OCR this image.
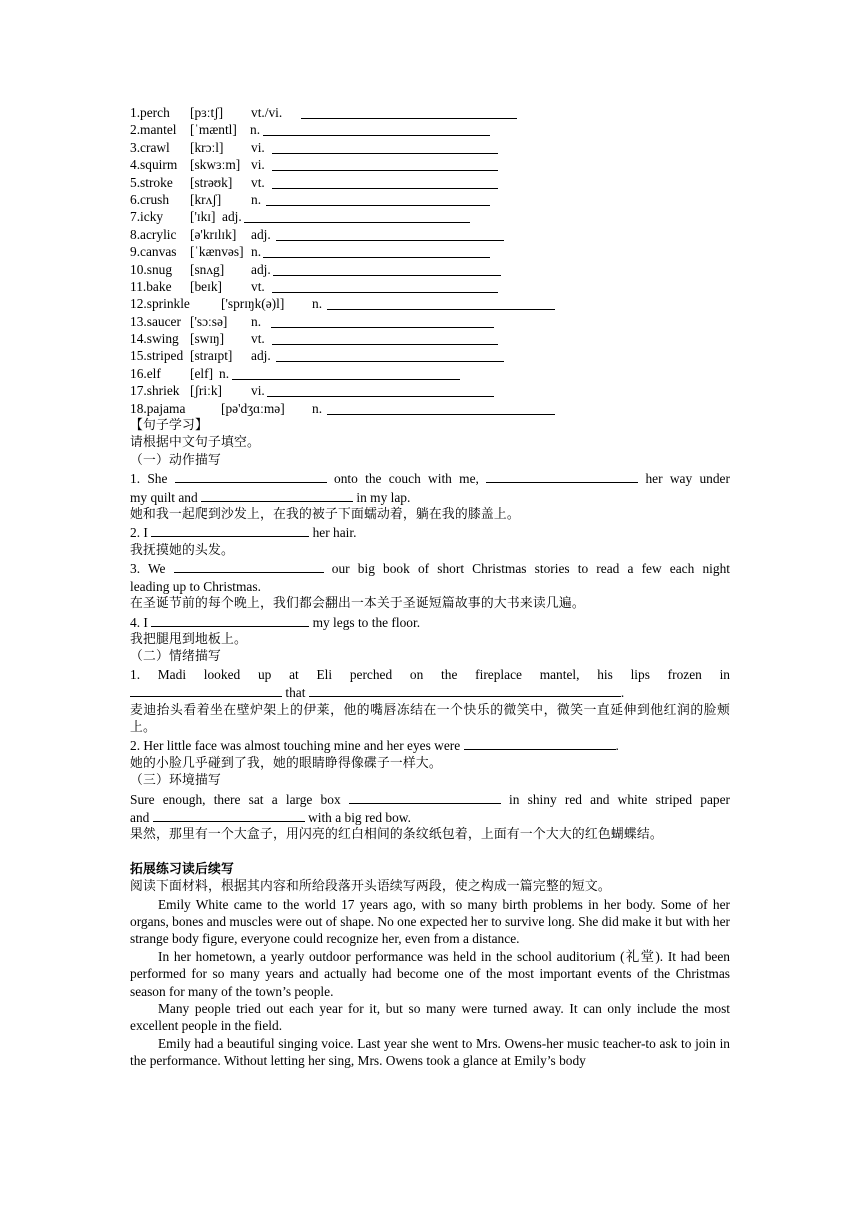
1.perch [pɜːtʃ] vt./vi.
2.mantel [ˈmæntl] n.
3.crawl [krɔːl] vi.
4.squirm [skwɜːm] vi.
5.stroke [strəʊk] vt.
6.crush [krʌʃ] n.
7.icky ['ɪkɪ] adj.
8.acrylic [ə'krɪlɪk] adj.
9.canvas [ˈkænvəs] n.
10.snug [snʌg] adj.
11.bake [beɪk] vt.
12.sprinkle ['sprɪŋk(ə)l] n.
13.saucer ['sɔːsə] n.
14.swing [swɪŋ] vt.
15.striped [straɪpt] adj.
16.elf [elf] n.
17.shriek [ʃriːk] vi.
18.pajama	[pə'dʒɑːmə] n.
【句子学习】
请根据中文句子填空。
（一）动作描写
1. She	onto the couch with me,	her way under
my quilt and	in my lap.
她和我一起爬到沙发上，在我的被子下面蠕动着，躺在我的膝盖上。
2. I	her hair.
我抚摸她的头发。
3. We	our big book of short Christmas stories to read a few each night
leading up to Christmas.
在圣诞节前的每个晚上，我们都会翻出一本关于圣诞短篇故事的大书来读几遍。
4. I	my legs to the floor.
我把腿甩到地板上。
（二）情绪描写
1. Madi looked up at Eli perched on the fireplace mantel, his lips frozen in
that	.
麦迪抬头看着坐在壁炉架上的伊莱，他的嘴唇冻结在一个快乐的微笑中，微笑一直延伸到他红润的脸颊上。
2. Her little face was almost touching mine and her eyes were	.
她的小脸几乎碰到了我，她的眼睛睁得像碟子一样大。
（三）环境描写
Sure enough, there sat a large box	in shiny red and white striped paper
and	with a big red bow.
果然，那里有一个大盒子，用闪亮的红白相间的条纹纸包着，上面有一个大大的红色蝴蝶结。
拓展练习读后续写
阅读下面材料，根据其内容和所给段落开头语续写两段，使之构成一篇完整的短文。
Emily White came to the world 17 years ago, with so many birth problems in her body. Some of her organs, bones and muscles were out of shape. No one expected her to survive long. She did make it but with her strange body figure, everyone could recognize her, even from a distance.
In her hometown, a yearly outdoor performance was held in the school auditorium (礼堂). It had been performed for so many years and actually had become one of the most important events of the Christmas season for many of the town’s people.
Many people tried out each year for it, but so many were turned away. It can only include the most excellent people in the field.
Emily had a beautiful singing voice. Last year she went to Mrs. Owens-her music teacher-to ask to join in the performance. Without letting her sing, Mrs. Owens took a glance at Emily’s body
